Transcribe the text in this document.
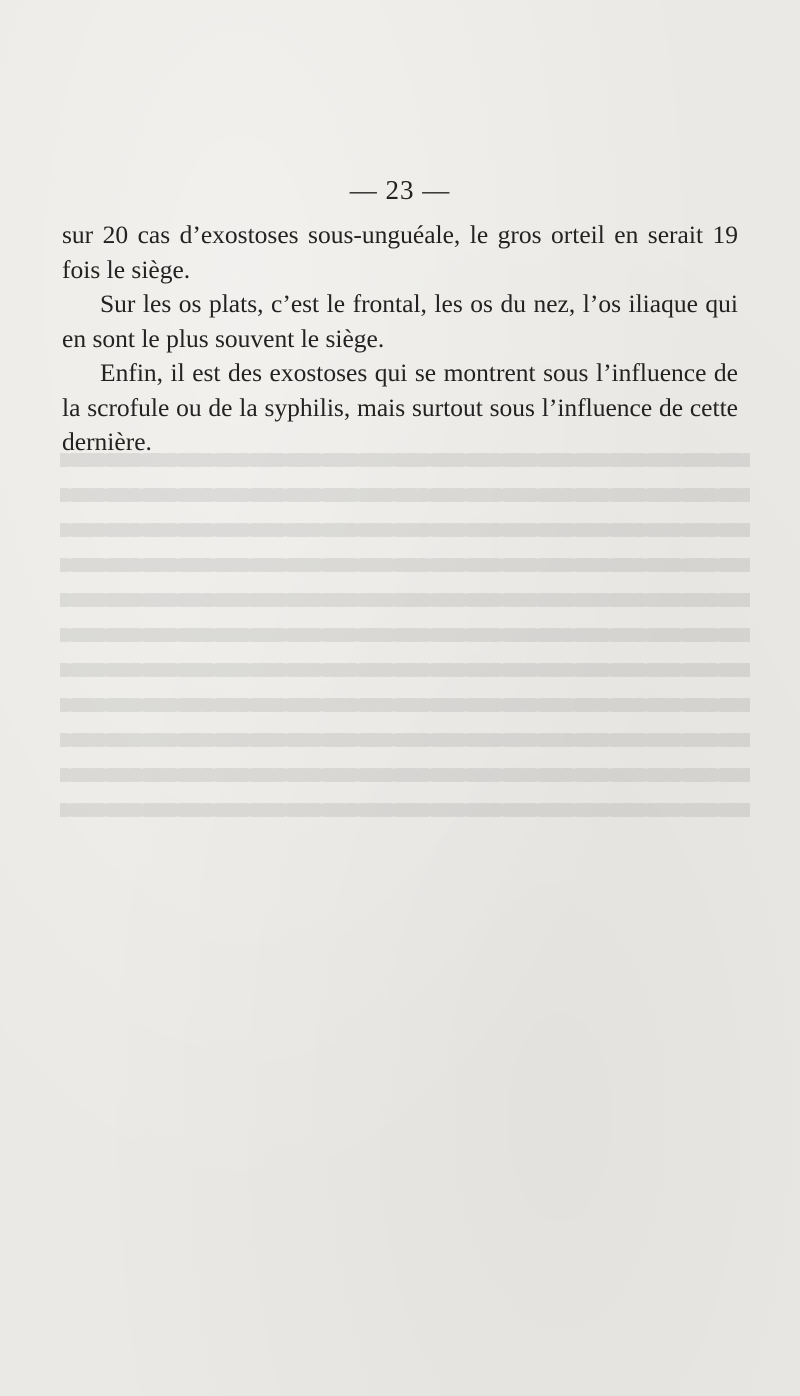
— 23 —

sur 20 cas d’exostoses sous-unguéale, le gros orteil en serait 19 fois le siège.

Sur les os plats, c’est le frontal, les os du nez, l’os iliaque qui en sont le plus souvent le siège.

Enfin, il est des exostoses qui se montrent sous l’influence de la scrofule ou de la syphilis, mais surtout sous l’influence de cette dernière.
